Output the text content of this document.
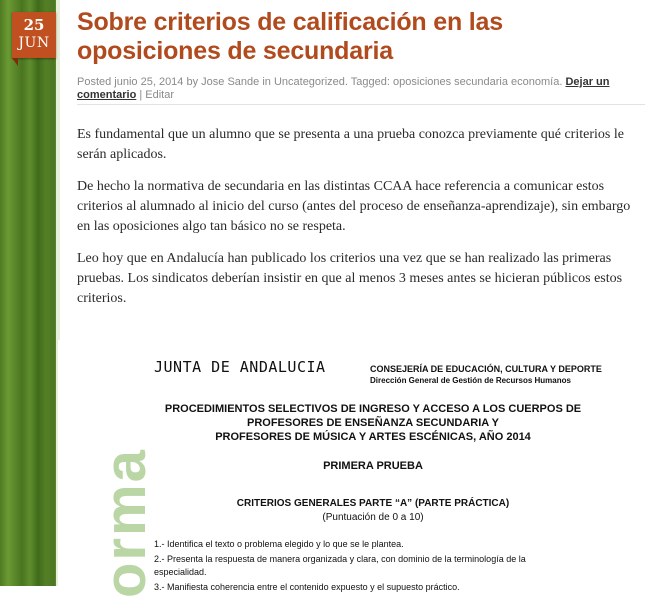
25
JUN
Sobre criterios de calificación en las oposiciones de secundaria
Posted junio 25, 2014 by Jose Sande in Uncategorized. Tagged: oposiciones secundaria economía. Dejar un comentario | Editar

Es fundamental que un alumno que se presenta a una prueba conozca previamente qué criterios le serán aplicados.

De hecho la normativa de secundaria en las distintas CCAA hace referencia a comunicar estos criterios al alumnado al inicio del curso (antes del proceso de enseñanza-aprendizaje), sin embargo en las oposiciones algo tan básico no se respeta.

Leo hoy que en Andalucía han publicado los criterios una vez que se han realizado las primeras pruebas. Los sindicatos deberían insistir en que al menos 3 meses antes se hicieran públicos estos criterios.

orma
JUNTA DE ANDALUCIA	CONSEJERÍA DE EDUCACIÓN, CULTURA Y DEPORTE
Dirección General de Gestión de Recursos Humanos
PROCEDIMIENTOS SELECTIVOS DE INGRESO Y ACCESO A LOS CUERPOS DE
PROFESORES DE ENSEÑANZA SECUNDARIA Y
PROFESORES DE MÚSICA Y ARTES ESCÉNICAS, AÑO 2014
PRIMERA PRUEBA
CRITERIOS GENERALES PARTE “A” (PARTE PRÁCTICA)
(Puntuación de 0 a 10)
1.- Identifica el texto o problema elegido y lo que se le plantea.
2.- Presenta la respuesta de manera organizada y clara, con dominio de la terminología de la especialidad.
3.- Manifiesta coherencia entre el contenido expuesto y el supuesto práctico.
